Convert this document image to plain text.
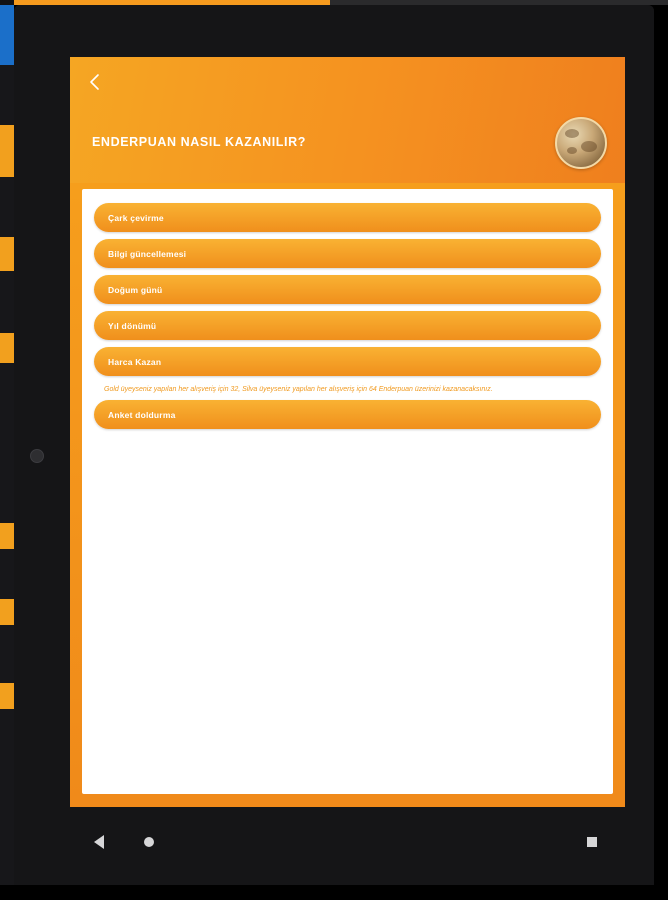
ENDERPUAN NASIL KAZANILIR?
Çark çevirme
Bilgi güncellemesi
Doğum günü
Yıl dönümü
Harca Kazan
Gold üyeyseniz yapılan her alışveriş için 32, Silva üyeyseniz yapılan her alışveriş için 64 Enderpuan üzerinizi kazanacaksınız.
Anket doldurma
